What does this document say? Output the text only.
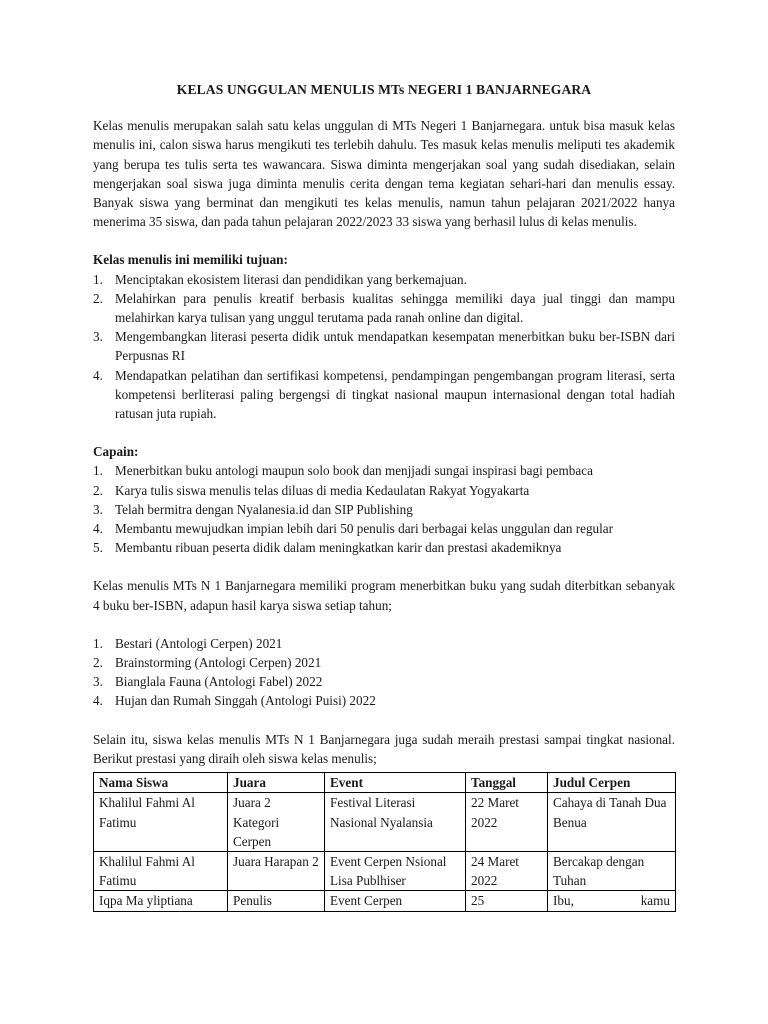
KELAS UNGGULAN MENULIS MTs NEGERI 1 BANJARNEGARA

Kelas menulis merupakan salah satu kelas unggulan di MTs Negeri 1 Banjarnegara. untuk bisa masuk kelas menulis ini, calon siswa harus mengikuti tes terlebih dahulu. Tes masuk kelas menulis meliputi tes akademik yang berupa tes tulis serta tes wawancara. Siswa diminta mengerjakan soal yang sudah disediakan, selain mengerjakan soal siswa juga diminta menulis cerita dengan tema kegiatan sehari-hari dan menulis essay. Banyak siswa yang berminat dan mengikuti tes kelas menulis, namun tahun pelajaran 2021/2022 hanya menerima 35 siswa, dan pada tahun pelajaran 2022/2023 33 siswa yang berhasil lulus di kelas menulis.

Kelas menulis ini memiliki tujuan:

1. Menciptakan ekosistem literasi dan pendidikan yang berkemajuan.
2. Melahirkan para penulis kreatif berbasis kualitas sehingga memiliki daya jual tinggi dan mampu melahirkan karya tulisan yang unggul terutama pada ranah online dan digital.
3. Mengembangkan literasi peserta didik untuk mendapatkan kesempatan menerbitkan buku ber-ISBN dari Perpusnas RI
4. Mendapatkan pelatihan dan sertifikasi kompetensi, pendampingan pengembangan program literasi, serta kompetensi berliterasi paling bergengsi di tingkat nasional maupun internasional dengan total hadiah ratusan juta rupiah.

Capain:

1. Menerbitkan buku antologi maupun solo book dan menjjadi sungai inspirasi bagi pembaca
2. Karya tulis siswa menulis telas diluas di media Kedaulatan Rakyat Yogyakarta
3. Telah bermitra dengan Nyalanesia.id dan SIP Publishing
4. Membantu mewujudkan impian lebih dari 50 penulis dari berbagai kelas unggulan dan regular
5. Membantu ribuan peserta didik dalam meningkatkan karir dan prestasi akademiknya

Kelas menulis MTs N 1 Banjarnegara memiliki program menerbitkan buku yang sudah diterbitkan sebanyak 4 buku ber-ISBN, adapun hasil karya siswa setiap tahun;

1. Bestari (Antologi Cerpen) 2021
2. Brainstorming (Antologi Cerpen) 2021
3. Bianglala Fauna (Antologi Fabel) 2022
4. Hujan dan Rumah Singgah (Antologi Puisi) 2022

Selain itu, siswa kelas menulis MTs N 1 Banjarnegara juga sudah meraih prestasi sampai tingkat nasional. Berikut prestasi yang diraih oleh siswa kelas menulis;

Nama Siswa	Juara	Event	Tanggal	Judul Cerpen
Khalilul Fahmi Al Fatimu	Juara 2 Kategori Cerpen	Festival Literasi Nasional Nyalansia	22 Maret 2022	Cahaya di Tanah Dua Benua
Khalilul Fahmi Al Fatimu	Juara Harapan 2	Event Cerpen Nsional Lisa Publhiser	24 Maret 2022	Bercakap dengan Tuhan
Iqpa Ma yliptiana	Penulis	Event Cerpen	25	Ibu, kamu
